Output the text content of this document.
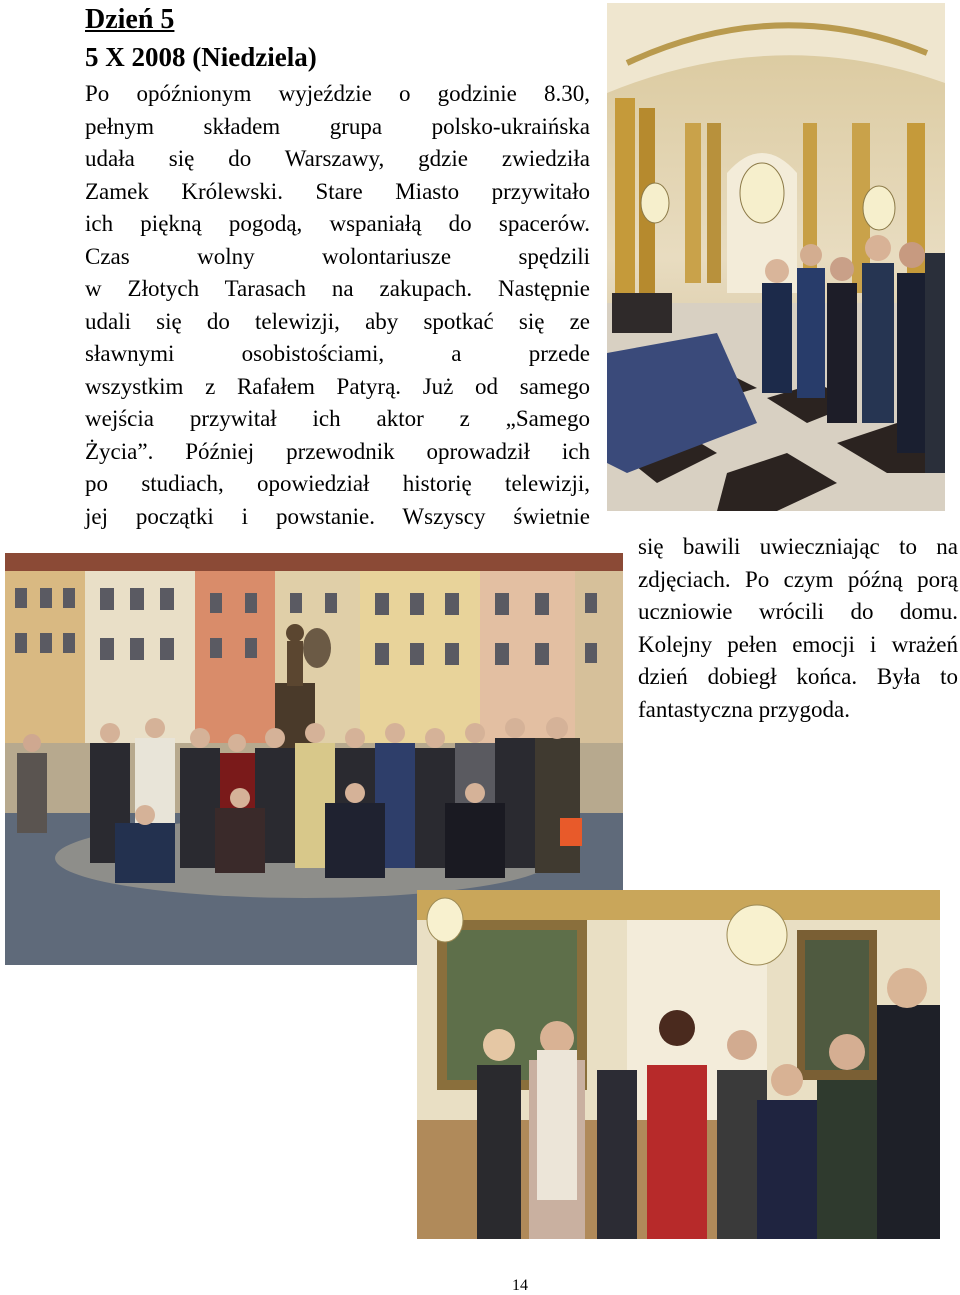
Dzień 5
5 X 2008 (Niedziela)
Po opóźnionym wyjeździe o godzinie 8.30,
pełnym składem grupa polsko-ukraińska
udała się do Warszawy, gdzie zwiedziła
Zamek Królewski. Stare Miasto przywitało
ich piękną pogodą, wspaniałą do spacerów.
Czas wolny wolontariusze spędzili
w Złotych Tarasach na zakupach. Następnie
udali się do telewizji, aby spotkać się ze
sławnymi osobistościami, a przede
wszystkim z Rafałem Patyrą. Już od samego
wejścia przywitał ich aktor z „Samego
Życia”. Później przewodnik oprowadził ich
po studiach, opowiedział historię telewizji,
jej początki i powstanie. Wszyscy świetnie
się bawili uwieczniając to na zdjęciach. Po czym późną porą uczniowie wrócili do domu. Kolejny pełen emocji i wrażeń dzień dobiegł końca. Była to fantastyczna przygoda.
14
